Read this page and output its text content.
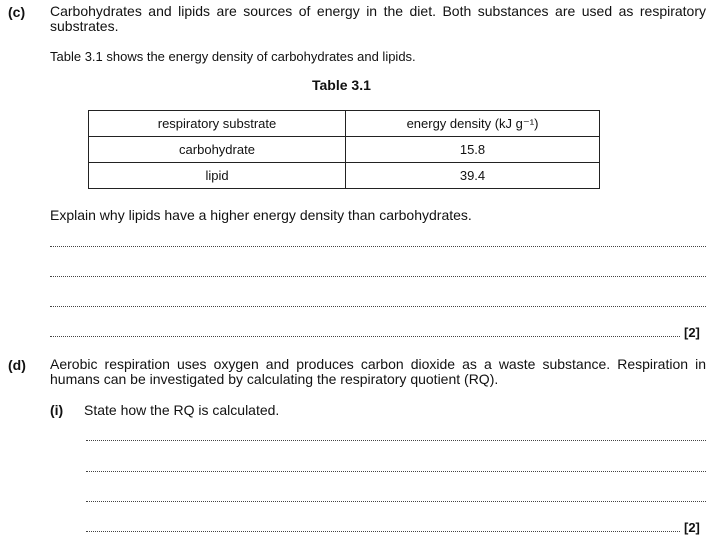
(c) Carbohydrates and lipids are sources of energy in the diet. Both substances are used as respiratory substrates.
Table 3.1 shows the energy density of carbohydrates and lipids.
Table 3.1
respiratory substrate	energy density (kJ g⁻¹)
carbohydrate	15.8
lipid	39.4
Explain why lipids have a higher energy density than carbohydrates.
[2]
(d) Aerobic respiration uses oxygen and produces carbon dioxide as a waste substance. Respiration in humans can be investigated by calculating the respiratory quotient (RQ).
(i) State how the RQ is calculated.
[2]
